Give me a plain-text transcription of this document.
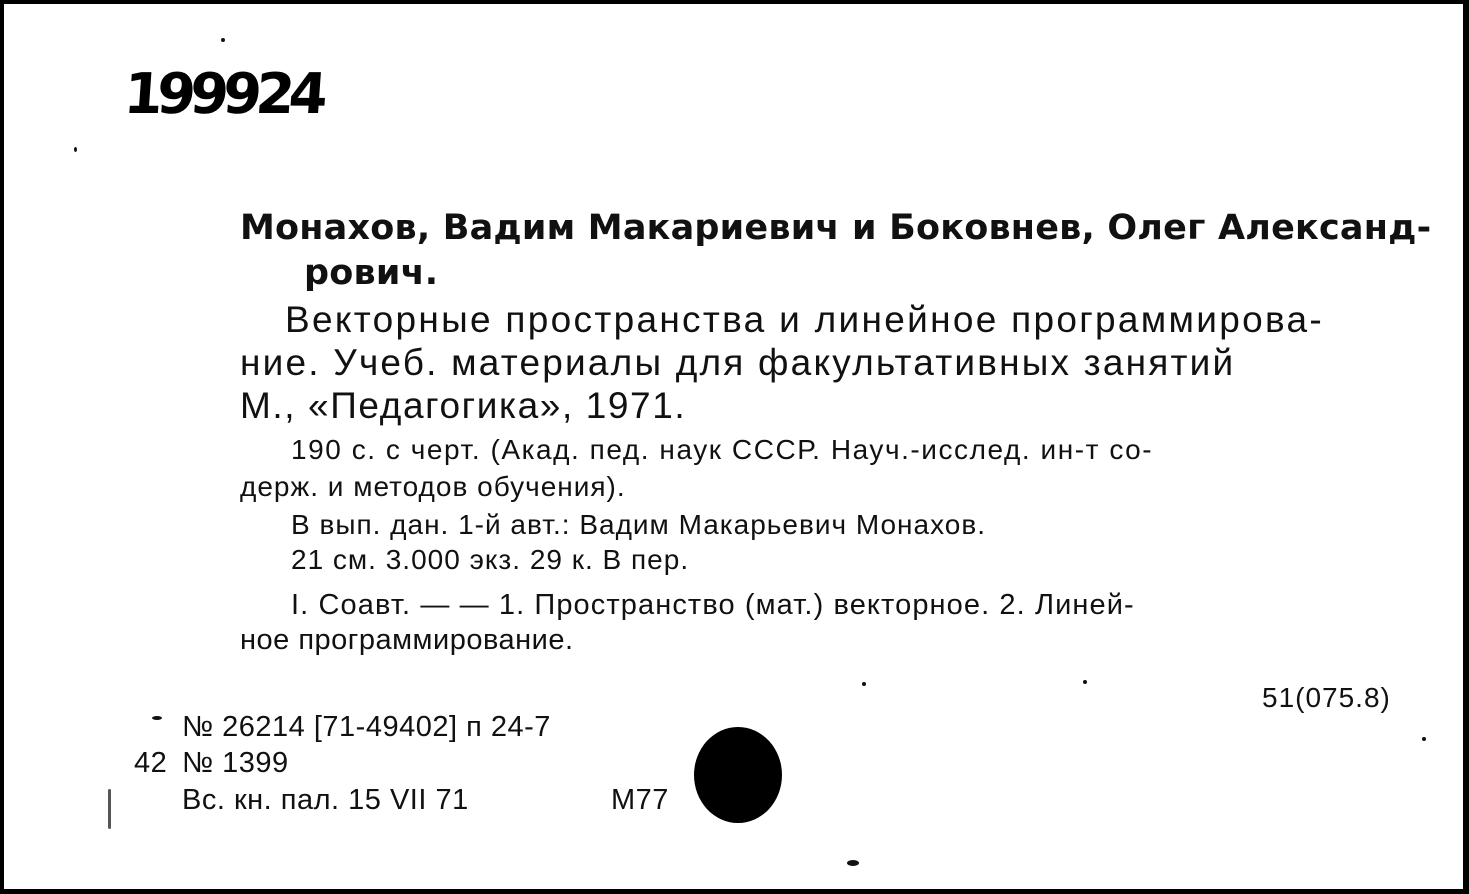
199924
Монахов, Вадим Макариевич и Боковнев, Олег Александ-
рович.
Векторные пространства и линейное программирова-
ние. Учеб. материалы для факультативных занятий
М., «Педагогика», 1971.
190 с. с черт. (Акад. пед. наук СССР. Науч.-исслед. ин-т со-
держ. и методов обучения).
В вып. дан. 1-й авт.: Вадим Макарьевич Монахов.
21 см. 3.000 экз. 29 к. В пер.
I. Соавт. — — 1. Пространство (мат.) векторное. 2. Линей-
ное программирование.
51(075.8)
№ 26214 [71-49402] п 24-7
42 № 1399
Вс. кн. пал. 15 VII 71	М77
